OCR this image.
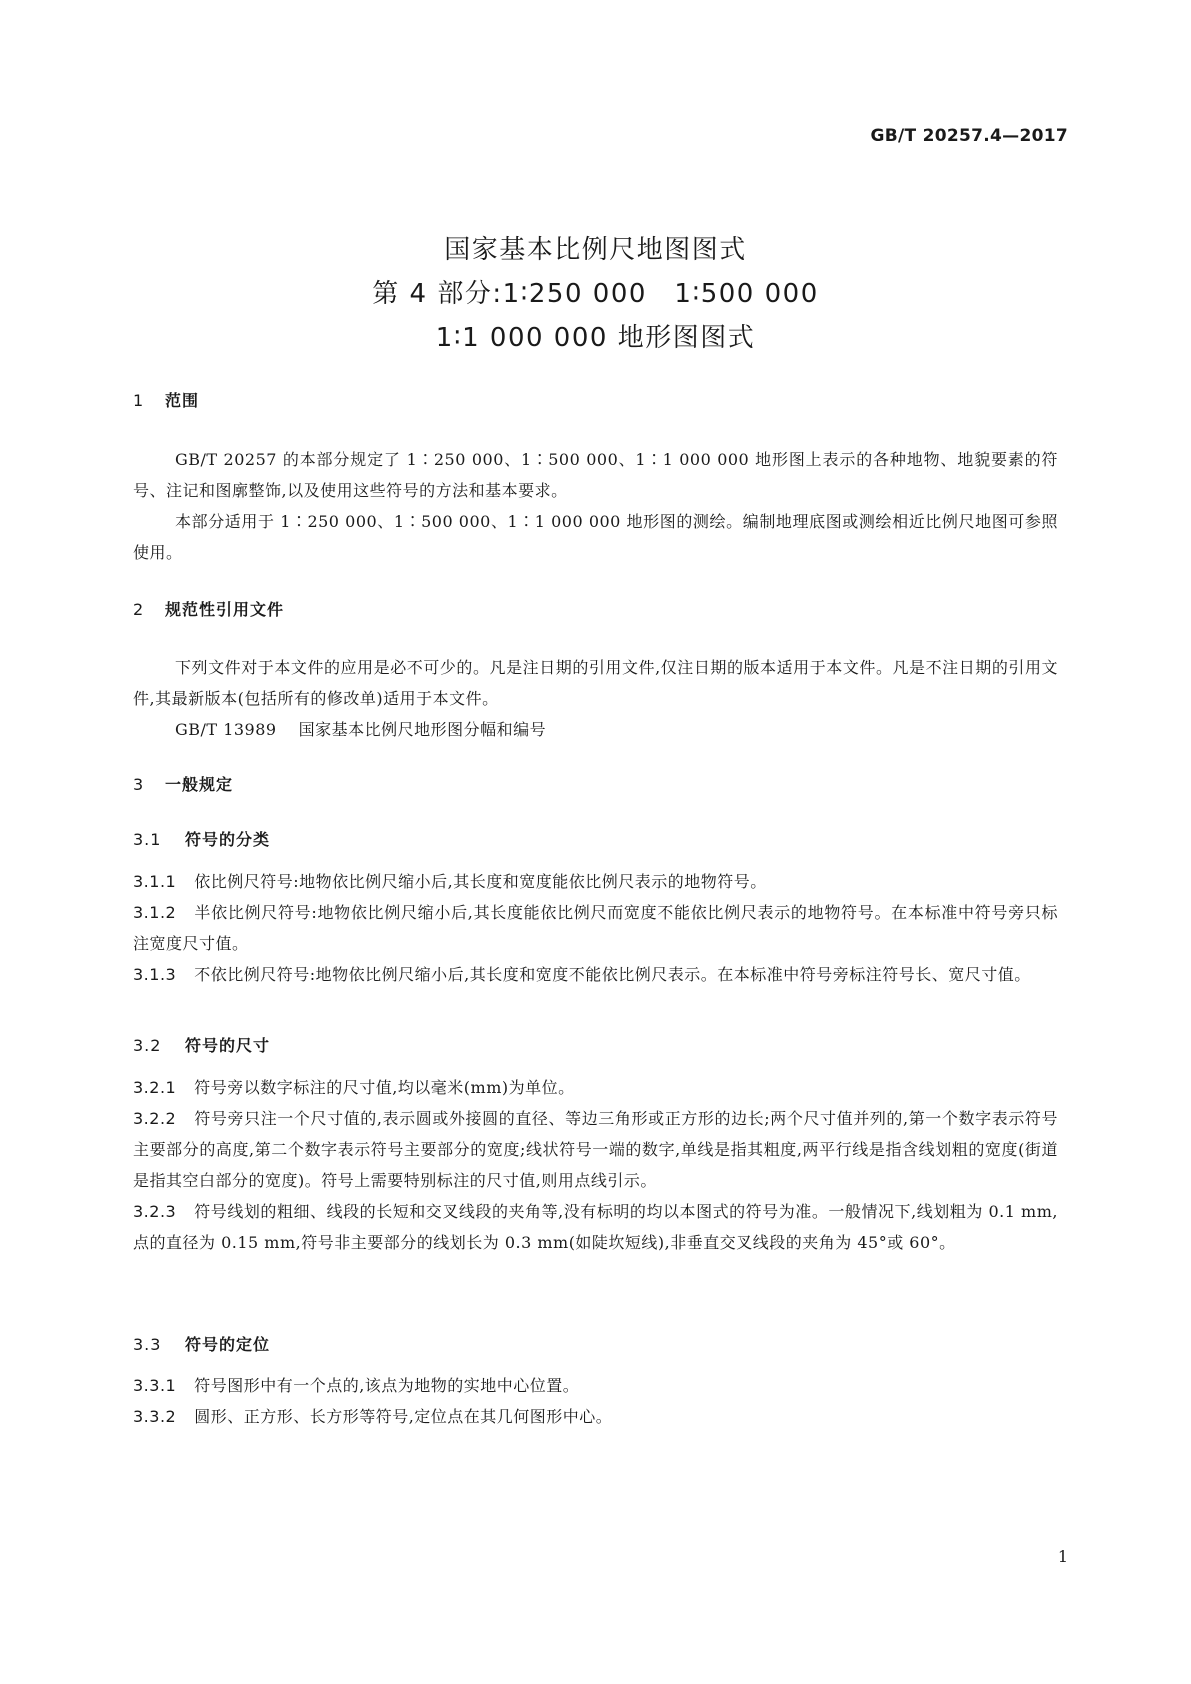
GB/T 20257.4—2017
国家基本比例尺地图图式
第 4 部分:1∶250 000　1∶500 000
1∶1 000 000 地形图图式
1 范围
GB/T 20257 的本部分规定了 1∶250 000、1∶500 000、1∶1 000 000 地形图上表示的各种地物、地貌要素的符号、注记和图廓整饰,以及使用这些符号的方法和基本要求。
本部分适用于 1∶250 000、1∶500 000、1∶1 000 000 地形图的测绘。编制地理底图或测绘相近比例尺地图可参照使用。
2 规范性引用文件
下列文件对于本文件的应用是必不可少的。凡是注日期的引用文件,仅注日期的版本适用于本文件。凡是不注日期的引用文件,其最新版本(包括所有的修改单)适用于本文件。
GB/T 13989 国家基本比例尺地形图分幅和编号
3 一般规定
3.1 符号的分类
3.1.1 依比例尺符号:地物依比例尺缩小后,其长度和宽度能依比例尺表示的地物符号。
3.1.2 半依比例尺符号:地物依比例尺缩小后,其长度能依比例尺而宽度不能依比例尺表示的地物符号。在本标准中符号旁只标注宽度尺寸值。
3.1.3 不依比例尺符号:地物依比例尺缩小后,其长度和宽度不能依比例尺表示。在本标准中符号旁标注符号长、宽尺寸值。
3.2 符号的尺寸
3.2.1 符号旁以数字标注的尺寸值,均以毫米(mm)为单位。
3.2.2 符号旁只注一个尺寸值的,表示圆或外接圆的直径、等边三角形或正方形的边长;两个尺寸值并列的,第一个数字表示符号主要部分的高度,第二个数字表示符号主要部分的宽度;线状符号一端的数字,单线是指其粗度,两平行线是指含线划粗的宽度(街道是指其空白部分的宽度)。符号上需要特别标注的尺寸值,则用点线引示。
3.2.3 符号线划的粗细、线段的长短和交叉线段的夹角等,没有标明的均以本图式的符号为准。一般情况下,线划粗为 0.1 mm,点的直径为 0.15 mm,符号非主要部分的线划长为 0.3 mm(如陡坎短线),非垂直交叉线段的夹角为 45°或 60°。
3.3 符号的定位
3.3.1 符号图形中有一个点的,该点为地物的实地中心位置。
3.3.2 圆形、正方形、长方形等符号,定位点在其几何图形中心。
1
